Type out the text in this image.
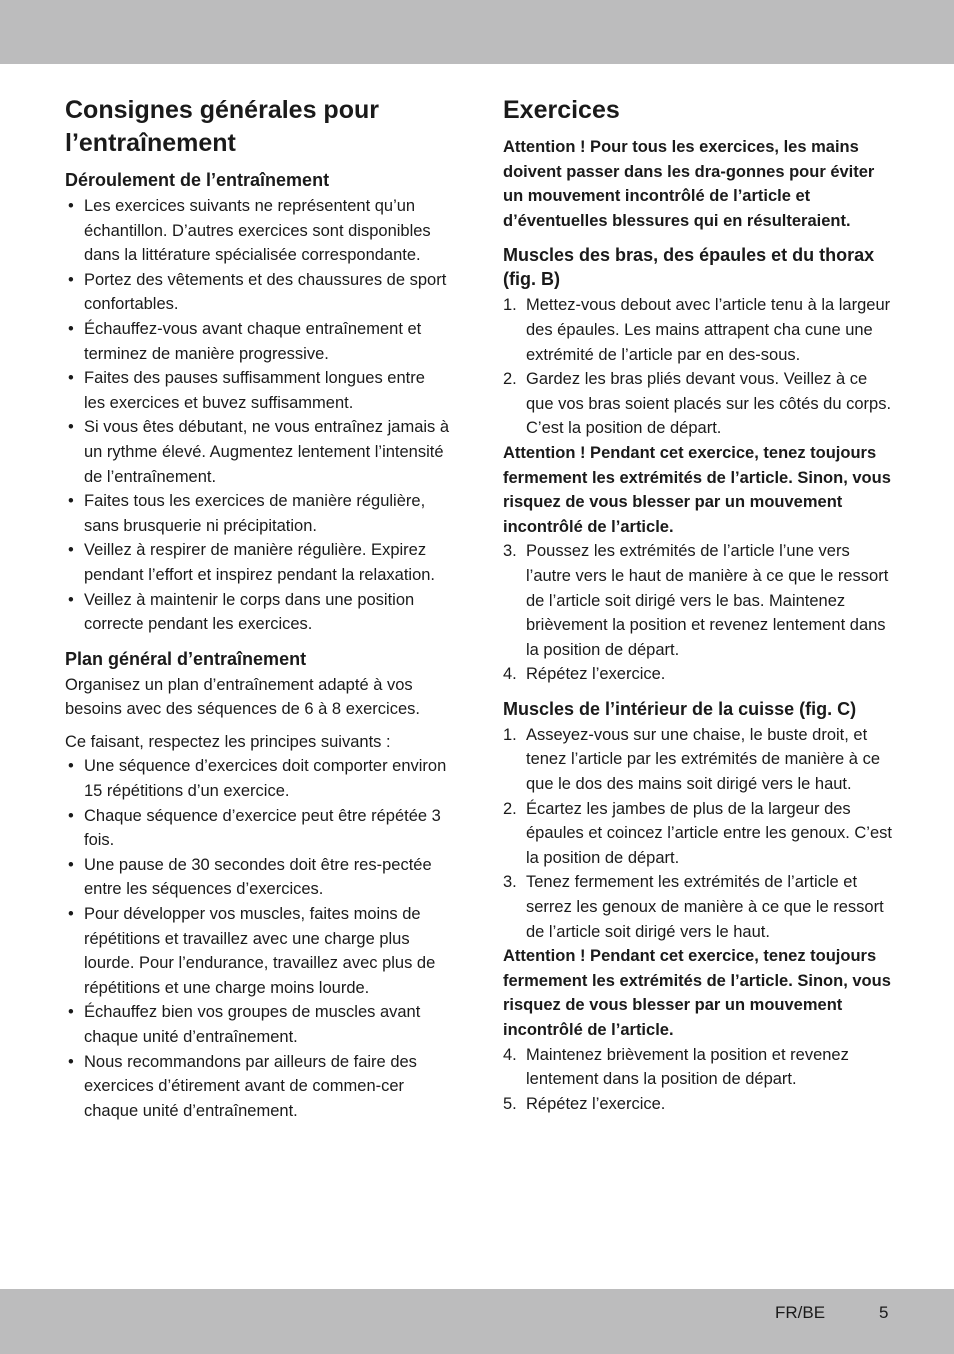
Consignes générales pour l’entraînement
Déroulement de l’entraînement
• Les exercices suivants ne représentent qu’un échantillon. D’autres exercices sont disponibles dans la littérature spécialisée correspondante.
• Portez des vêtements et des chaussures de sport confortables.
• Échauffez-vous avant chaque entraînement et terminez de manière progressive.
• Faites des pauses suffisamment longues entre les exercices et buvez suffisamment.
• Si vous êtes débutant, ne vous entraînez jamais à un rythme élevé. Augmentez lentement l’intensité de l’entraînement.
• Faites tous les exercices de manière régulière, sans brusquerie ni précipitation.
• Veillez à respirer de manière régulière. Expirez pendant l’effort et inspirez pendant la relaxation.
• Veillez à maintenir le corps dans une position correcte pendant les exercices.
Plan général d’entraînement

Organisez un plan d’entraînement adapté à vos besoins avec des séquences de 6 à 8 exercices.

Ce faisant, respectez les principes suivants :

• Une séquence d’exercices doit comporter environ 15 répétitions d’un exercice.
• Chaque séquence d’exercice peut être répétée 3 fois.
• Une pause de 30 secondes doit être res-pectée entre les séquences d’exercices.
• Pour développer vos muscles, faites moins de répétitions et travaillez avec une charge plus lourde. Pour l’endurance, travaillez avec plus de répétitions et une charge moins lourde.
• Échauffez bien vos groupes de muscles avant chaque unité d’entraînement.
• Nous recommandons par ailleurs de faire des exercices d’étirement avant de commen-cer chaque unité d’entraînement.
Exercices

Attention ! Pour tous les exercices, les mains doivent passer dans les dra-gonnes pour éviter un mouvement incontrôlé de l’article et d’éventuelles blessures qui en résulteraient.

Muscles des bras, des épaules et du thorax (fig. B)
1. Mettez-vous debout avec l’article tenu à la largeur des épaules. Les mains attrapent cha cune une extrémité de l’article par en des-sous.
2. Gardez les bras pliés devant vous. Veillez à ce que vos bras soient placés sur les côtés du corps. C’est la position de départ.

Attention ! Pendant cet exercice, tenez toujours fermement les extrémités de l’article. Sinon, vous risquez de vous blesser par un mouvement incontrôlé de l’article.

3. Poussez les extrémités de l’article l’une vers l’autre vers le haut de manière à ce que le ressort de l’article soit dirigé vers le bas. Maintenez brièvement la position et revenez lentement dans la position de départ.
4. Répétez l’exercice.
Muscles de l’intérieur de la cuisse (fig. C)
1. Asseyez-vous sur une chaise, le buste droit, et tenez l’article par les extrémités de manière à ce que le dos des mains soit dirigé vers le haut.
2. Écartez les jambes de plus de la largeur des épaules et coincez l’article entre les genoux. C’est la position de départ.
3. Tenez fermement les extrémités de l’article et serrez les genoux de manière à ce que le ressort de l’article soit dirigé vers le haut.

Attention ! Pendant cet exercice, tenez toujours fermement les extrémités de l’article. Sinon, vous risquez de vous blesser par un mouvement incontrôlé de l’article.

4. Maintenez brièvement la position et revenez lentement dans la position de départ.
5. Répétez l’exercice.
FR/BE	5
